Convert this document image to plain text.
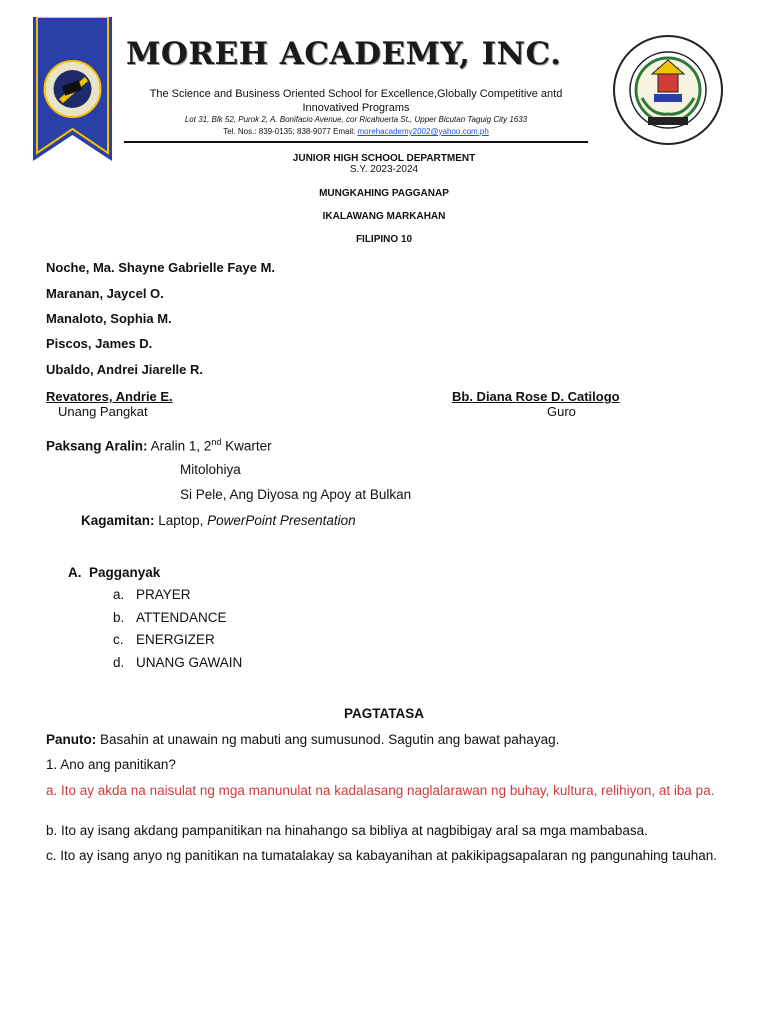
MOREH ACADEMY, INC.
The Science and Business Oriented School for Excellence,Globally Competitive antd
Innovatived Programs
Lot 31, Blk 52, Purok 2, A. Bonifacio Avenue, cor Ricahuerta St., Upper Bicutan Taguig City 1633
Tel. Nos.: 839-0135; 838-9077 Email: morehacademy2002@yahoo.com.ph
JUNIOR HIGH SCHOOL DEPARTMENT
S.Y. 2023-2024
MUNGKAHING PAGGANAP
IKALAWANG MARKAHAN
FILIPINO 10
Noche, Ma. Shayne Gabrielle Faye M.
Maranan, Jaycel O.
Manaloto, Sophia M.
Piscos, James D.
Ubaldo, Andrei Jiarelle R.
Revatores, Andrie E.
Unang Pangkat
Bb. Diana Rose D. Catilogo
Guro
Paksang Aralin: Aralin 1, 2nd Kwarter
Mitolohiya
Si Pele, Ang Diyosa ng Apoy at Bulkan
Kagamitan: Laptop, PowerPoint Presentation
A. Pagganyak
a. PRAYER
b. ATTENDANCE
c. ENERGIZER
d. UNANG GAWAIN
PAGTATASA
Panuto: Basahin at unawain ng mabuti ang sumusunod. Sagutin ang bawat pahayag.
1. Ano ang panitikan?
a. Ito ay akda na naisulat ng mga manunulat na kadalasang naglalarawan ng buhay, kultura, relihiyon, at iba pa.
b. Ito ay isang akdang pampanitikan na hinahango sa bibliya at nagbibigay aral sa mga mambabasa.
c. Ito ay isang anyo ng panitikan na tumatalakay sa kabayanihan at pakikipagsapalaran ng pangunahing tauhan.
